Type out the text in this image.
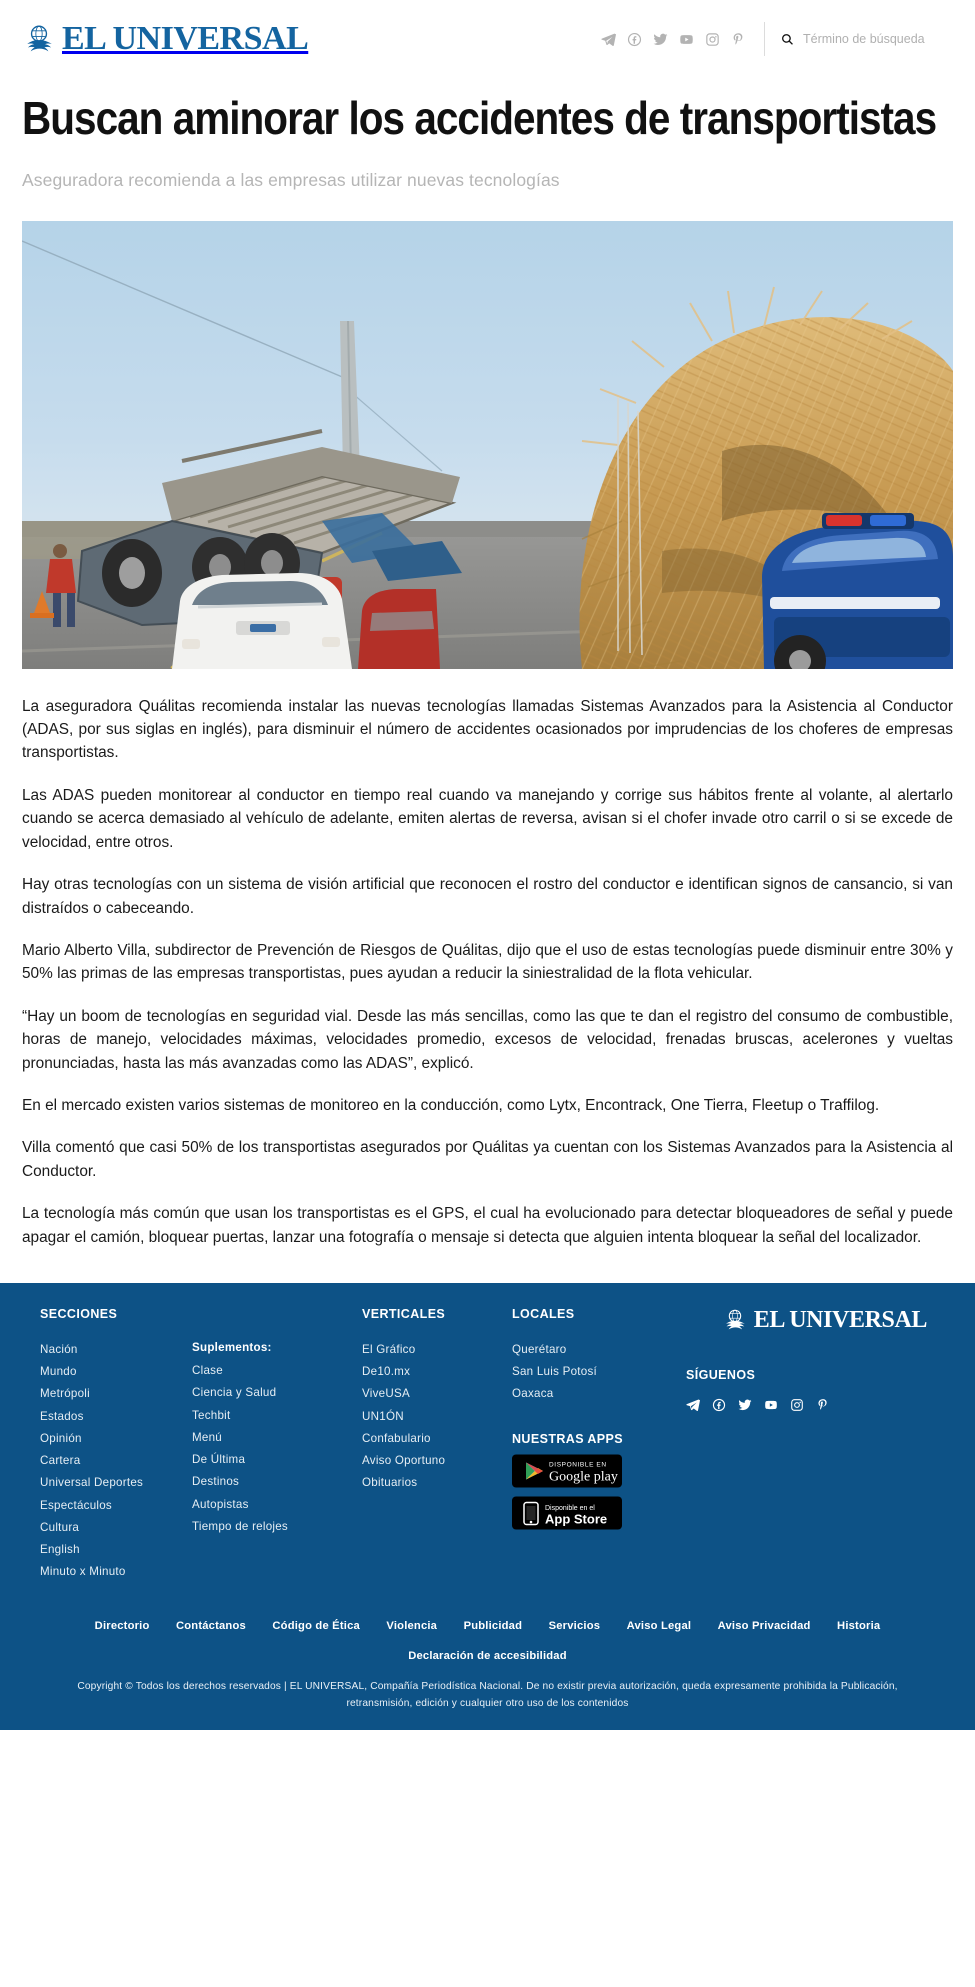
EL UNIVERSAL
Término de búsqueda
Buscan aminorar los accidentes de transportistas
Aseguradora recomienda a las empresas utilizar nuevas tecnologías

La aseguradora Quálitas recomienda instalar las nuevas tecnologías llamadas Sistemas Avanzados para la Asistencia al Conductor (ADAS, por sus siglas en inglés), para disminuir el número de accidentes ocasionados por imprudencias de los choferes de empresas transportistas.

Las ADAS pueden monitorear al conductor en tiempo real cuando va manejando y corrige sus hábitos frente al volante, al alertarlo cuando se acerca demasiado al vehículo de adelante, emiten alertas de reversa, avisan si el chofer invade otro carril o si se excede de velocidad, entre otros.

Hay otras tecnologías con un sistema de visión artificial que reconocen el rostro del conductor e identifican signos de cansancio, si van distraídos o cabeceando.

Mario Alberto Villa, subdirector de Prevención de Riesgos de Quálitas, dijo que el uso de estas tecnologías puede disminuir entre 30% y 50% las primas de las empresas transportistas, pues ayudan a reducir la siniestralidad de la flota vehicular.

“Hay un boom de tecnologías en seguridad vial. Desde las más sencillas, como las que te dan el registro del consumo de combustible, horas de manejo, velocidades máximas, velocidades promedio, excesos de velocidad, frenadas bruscas, acelerones y vueltas pronunciadas, hasta las más avanzadas como las ADAS”, explicó.

En el mercado existen varios sistemas de monitoreo en la conducción, como Lytx, Encontrack, One Tierra, Fleetup o Traffilog.

Villa comentó que casi 50% de los transportistas asegurados por Quálitas ya cuentan con los Sistemas Avanzados para la Asistencia al Conductor.

La tecnología más común que usan los transportistas es el GPS, el cual ha evolucionado para detectar bloqueadores de señal y puede apagar el camión, bloquear puertas, lanzar una fotografía o mensaje si detecta que alguien intenta bloquear la señal del localizador.

SECCIONES
Nación
Mundo
Metrópoli
Estados
Opinión
Cartera
Universal Deportes
Espectáculos
Cultura
English
Minuto x Minuto
Suplementos:
Clase
Ciencia y Salud
Techbit
Menú
De Última
Destinos
Autopistas
Tiempo de relojes
VERTICALES
El Gráfico
De10.mx
ViveUSA
UN1ÓN
Confabulario
Aviso Oportuno
Obituarios
LOCALES
Querétaro
San Luis Potosí
Oaxaca
NUESTRAS APPS
DISPONIBLE EN
Google play
Disponible en el
App Store
EL UNIVERSAL
SÍGUENOS
Directorio Contáctanos Código de Ética Violencia Publicidad Servicios Aviso Legal Aviso Privacidad Historia
Declaración de accesibilidad
Copyright © Todos los derechos reservados | EL UNIVERSAL, Compañía Periodística Nacional. De no existir previa autorización, queda expresamente prohibida la Publicación, retransmisión, edición y cualquier otro uso de los contenidos
